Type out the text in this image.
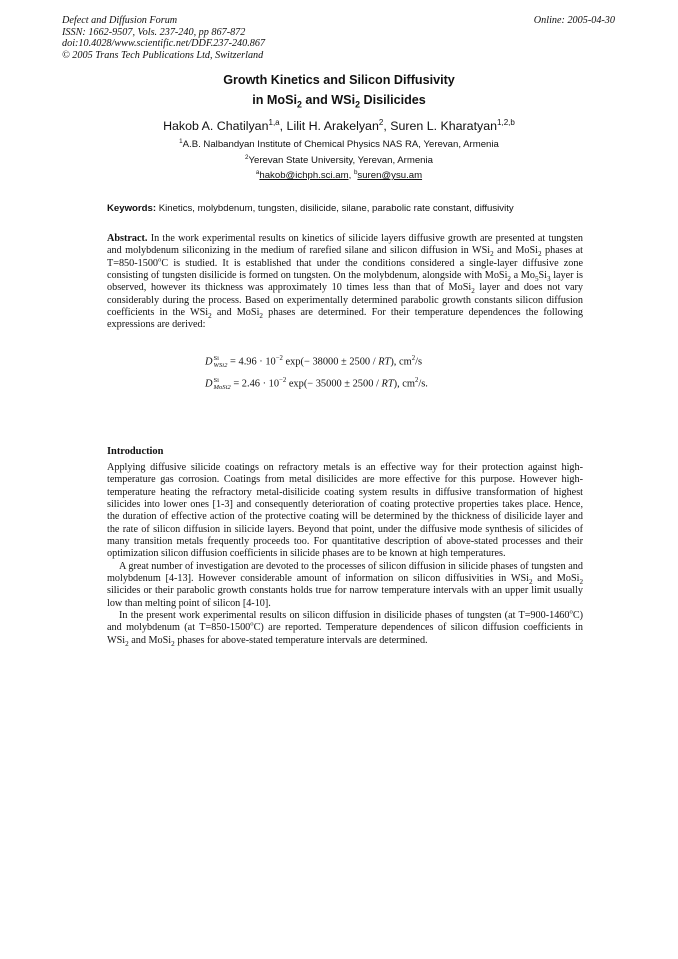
Defect and Diffusion Forum
ISSN: 1662-9507, Vols. 237-240, pp 867-872
doi:10.4028/www.scientific.net/DDF.237-240.867
© 2005 Trans Tech Publications Ltd, Switzerland
Online: 2005-04-30
Growth Kinetics and Silicon Diffusivity
in MoSi$_2$ and WSi$_2$ Disilicides
Hakob A. Chatilyan$^{1,a}$, Lilit H. Arakelyan$^2$, Suren L. Kharatyan$^{1,2,b}$
$^1$A.B. Nalbandyan Institute of Chemical Physics NAS RA, Yerevan, Armenia
$^2$Yerevan State University, Yerevan, Armenia
$^a$hakob@ichph.sci.am, $^b$suren@ysu.am
Keywords: Kinetics, molybdenum, tungsten, disilicide, silane, parabolic rate constant, diffusivity
Abstract. In the work experimental results on kinetics of silicide layers diffusive growth are presented at tungsten and molybdenum siliconizing in the medium of rarefied silane and silicon diffusion in WSi$_2$ and MoSi$_2$ phases at $T=850-1500^oC$ is studied. It is established that under the conditions considered a single-layer diffusive zone consisting of tungsten disilicide is formed on tungsten. On the molybdenum, alongside with MoSi$_2$ a $Mo_5Si_3$ layer is observed, however its thickness was approximately 10 times less than that of MoSi$_2$ layer and does not vary considerably during the process. Based on experimentally determined parabolic growth constants silicon diffusion coefficients in the WSi$_2$ and MoSi$_2$ phases are determined. For their temperature dependences the following expressions are derived:
D Si
$WSi2 = 4.96 \cdot 10^{-2}$ exp(− 38000 ± 2500 / RT), $cm^2/s$
D Si
MoSi2 = $2.46 \cdot 10^{-2}$ exp(− 35000 ± 2500 / RT), $cm^2/s$.
Introduction

Applying diffusive silicide coatings on refractory metals is an effective way for their protection against high-temperature gas corrosion. Coatings from metal disilicides are more effective for this purpose. However high-temperature heating the refractory metal-disilicide coating system results in diffusive transformation of highest silicides into lower ones [1-3] and consequently deterioration of coating protective properties takes place. Hence, the duration of effective action of the protective coating will be determined by the thickness of disilicide layer and the rate of silicon diffusion in silicide layers. Beyond that point, under the diffusive mode synthesis of silicides of many transition metals frequently proceeds too. For quantitative description of above-stated processes and their optimization silicon diffusion coefficients in silicide phases are to be known at high temperatures.

A great number of investigation are devoted to the processes of silicon diffusion in silicide phases of tungsten and molybdenum [4-13]. However considerable amount of information on silicon diffusivities in WSi$_2$ and MoSi$_2$ silicides or their parabolic growth constants holds true for narrow temperature intervals with an upper limit usually low than melting point of silicon [4-10].

In the present work experimental results on silicon diffusion in disilicide phases of tungsten (at $T=900-1460^oC$) and molybdenum (at $T=850-1500^oC$) are reported. Temperature dependences of silicon diffusion coefficients in WSi$_2$ and MoSi$_2$ phases for above-stated temperature intervals are determined.
